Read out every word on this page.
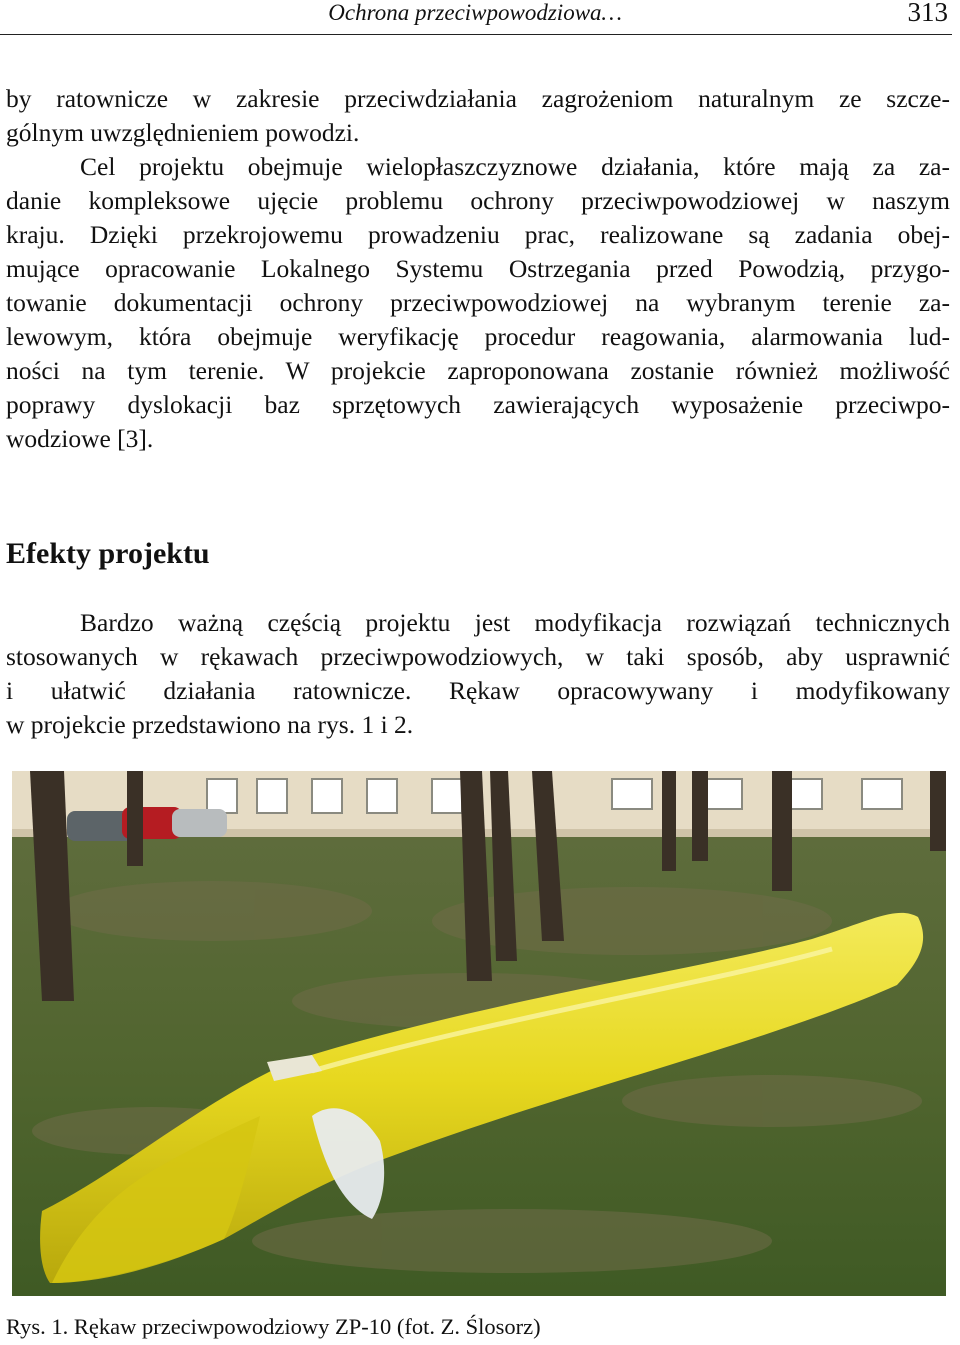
Ochrona przeciwpowodziowa…	313
by ratownicze w zakresie przeciwdziałania zagrożeniom naturalnym ze szcze-
gólnym uwzględnieniem powodzi.
Cel projektu obejmuje wielopłaszczyznowe działania, które mają za za-
danie kompleksowe ujęcie problemu ochrony przeciwpowodziowej w naszym
kraju. Dzięki przekrojowemu prowadzeniu prac, realizowane są zadania obej-
mujące opracowanie Lokalnego Systemu Ostrzegania przed Powodzią, przygo-
towanie dokumentacji ochrony przeciwpowodziowej na wybranym terenie za-
lewowym, która obejmuje weryfikację procedur reagowania, alarmowania lud-
ności na tym terenie. W projekcie zaproponowana zostanie również możliwość
poprawy dyslokacji baz sprzętowych zawierających wyposażenie przeciwpo-
wodziowe [3].
Efekty projektu
Bardzo ważną częścią projektu jest modyfikacja rozwiązań technicznych
stosowanych w rękawach przeciwpowodziowych, w taki sposób, aby usprawnić
i ułatwić działania ratownicze. Rękaw opracowywany i modyfikowany
w projekcie przedstawiono na rys. 1 i 2.
Rys. 1. Rękaw przeciwpowodziowy ZP-10 (fot. Z. Ślosorz)
